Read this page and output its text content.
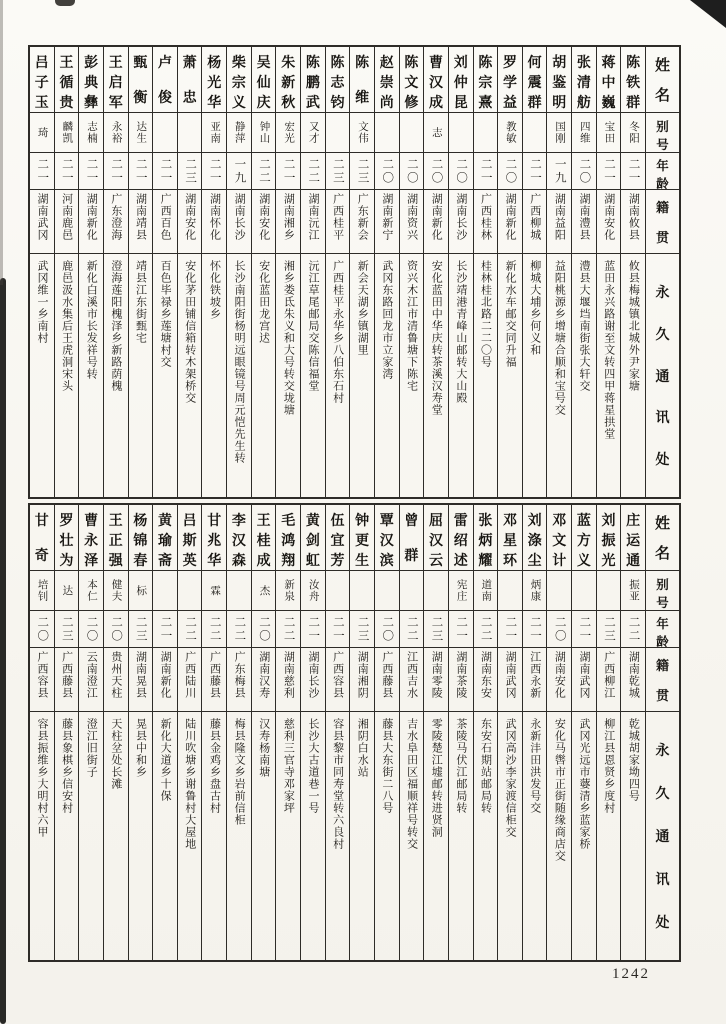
陈
铁
群
冬阳
二一
湖南攸县
攸县梅城镇北城外尹家塘
蒋
中
巍
宝田
二一
湖南安化
蓝田永兴路谢至文转四甲蒋星拱堂
张
清
舫
四维
二〇
湖南澧县
澧县大堰垱南街张大轩交
胡
鉴
明
国刚
一九
湖南益阳
益阳桃源乡增塘合顺和宝号交
何
震
群
二一
广西柳城
柳城大埔乡何义和
罗
学
益
教敏
二〇
湖南新化
新化水车邮交同升福
陈
宗
熹
二一
广西桂林
桂林桂北路二二〇号
刘
仲
昆
二〇
湖南长沙
长沙靖港青峰山邮转大山殿
曹
汉
成
志
二〇
湖南新化
安化蓝田中华庆转茶溪汉寿堂
陈
文
修
二〇
湖南资兴
资兴木江市清鲁塘下陈宅
赵
崇
尚
二〇
湖南新宁
武冈东路回龙市立家湾
陈
维
文伟
二三
广东新会
新会天湖乡镇湖里
陈
志
钧
二三
广西桂平
广西桂平永华乡八伯东石村
陈
鹏
武
又才
二二
湖南沅江
沅江草尾邮局交陈信福堂
朱
新
秋
宏光
二一
湖南湘乡
湘乡娄氐朱义和大号转交垅塘
吴
仙
庆
钟山
二二
湖南安化
安化蓝田龙宫迖
柴
宗
义
静萍
一九
湖南长沙
长沙南阳街杨明远眼镜号周元恺先生转
杨
光
华
亚南
二一
湖南怀化
怀化铁坡乡
萧
忠
二三
湖南安化
安化茅田铺信箱转木架桥交
卢
俊
二一
广西百色
百色毕禄乡莲塘村交
甄
衡
达生
二一
湖南靖县
靖县江东街甄宅
王
启
军
永裕
二一
广东澄海
澄海莲阳槐泽乡新路荫槐
彭
典
彝
志楠
二一
湖南新化
新化白溪市长发祥号转
王
循
贵
麟凯
二一
河南鹿邑
鹿邑汲水集后王虎洞宋头
吕
子
玉
琦
二一
湖南武冈
武冈维一乡南村
姓
名
别
号
年
龄
籍
贯
永
久
通
讯
处
庄
运
通
振亚
二二
湖南乾城
乾城胡家坳四号
刘
振
光
二三
广西柳江
柳江县恩贤乡度村
蓝
方
义
二一
湖南武冈
武冈光远市蔢清乡蓝家桥
邓
文
计
二〇
湖南安化
安化马辔市正街随缘商店交
刘
涤
尘
炳康
二一
江西永新
永新沣田洪发号交
邓
星
环
二一
湖南武冈
武冈高沙李家渡信柜交
张
炳
耀
道南
二二
湖南东安
东安石期站邮局转
雷
绍
述
宪庄
二一
湖南茶陵
茶陵马伏江邮局转
屈
汉
云
二三
湖南零陵
零陵楚江墟邮转进贤洞
曾
群
二二
江西吉水
吉水阜田区福顺祥号转交
覃
汉
滨
二〇
广西藤县
藤县大东街二八号
钟
更
生
二三
湖南湘阴
湘阴白水站
伍
宜
芳
二一
广西容县
容县黎市同寿堂转六良村
黄
剑
虹
汝舟
二一
湖南长沙
长沙大古道巷一号
毛
鸿
翔
新泉
二二
湖南慈利
慈利三官寺邓家坪
王
桂
成
杰
二〇
湖南汉寿
汉寿杨南塘
李
汉
森
二二
广东梅县
梅县隆文乡岩前信柜
甘
兆
华
霖
二二
广西藤县
藤县金鸡乡盘古村
吕
斯
英
二二
广西陆川
陆川吹塘乡谢鲁村大屋地
黄
瑜
斋
二一
湖南新化
新化大道乡十保
杨
锦
春
标
二三
湖南晃县
晃县中和乡
王
正
强
健夫
二〇
贵州天柱
天柱坌处长滩
曹
永
泽
本仁
二〇
云南澄江
澄江旧街子
罗
壮
为
达
二三
广西藤县
藤县象棋乡信安村
甘
奇
培钊
二〇
广西容县
容县振维乡大明村六甲
姓
名
别
号
年
龄
籍
贯
永
久
通
讯
处
1242
